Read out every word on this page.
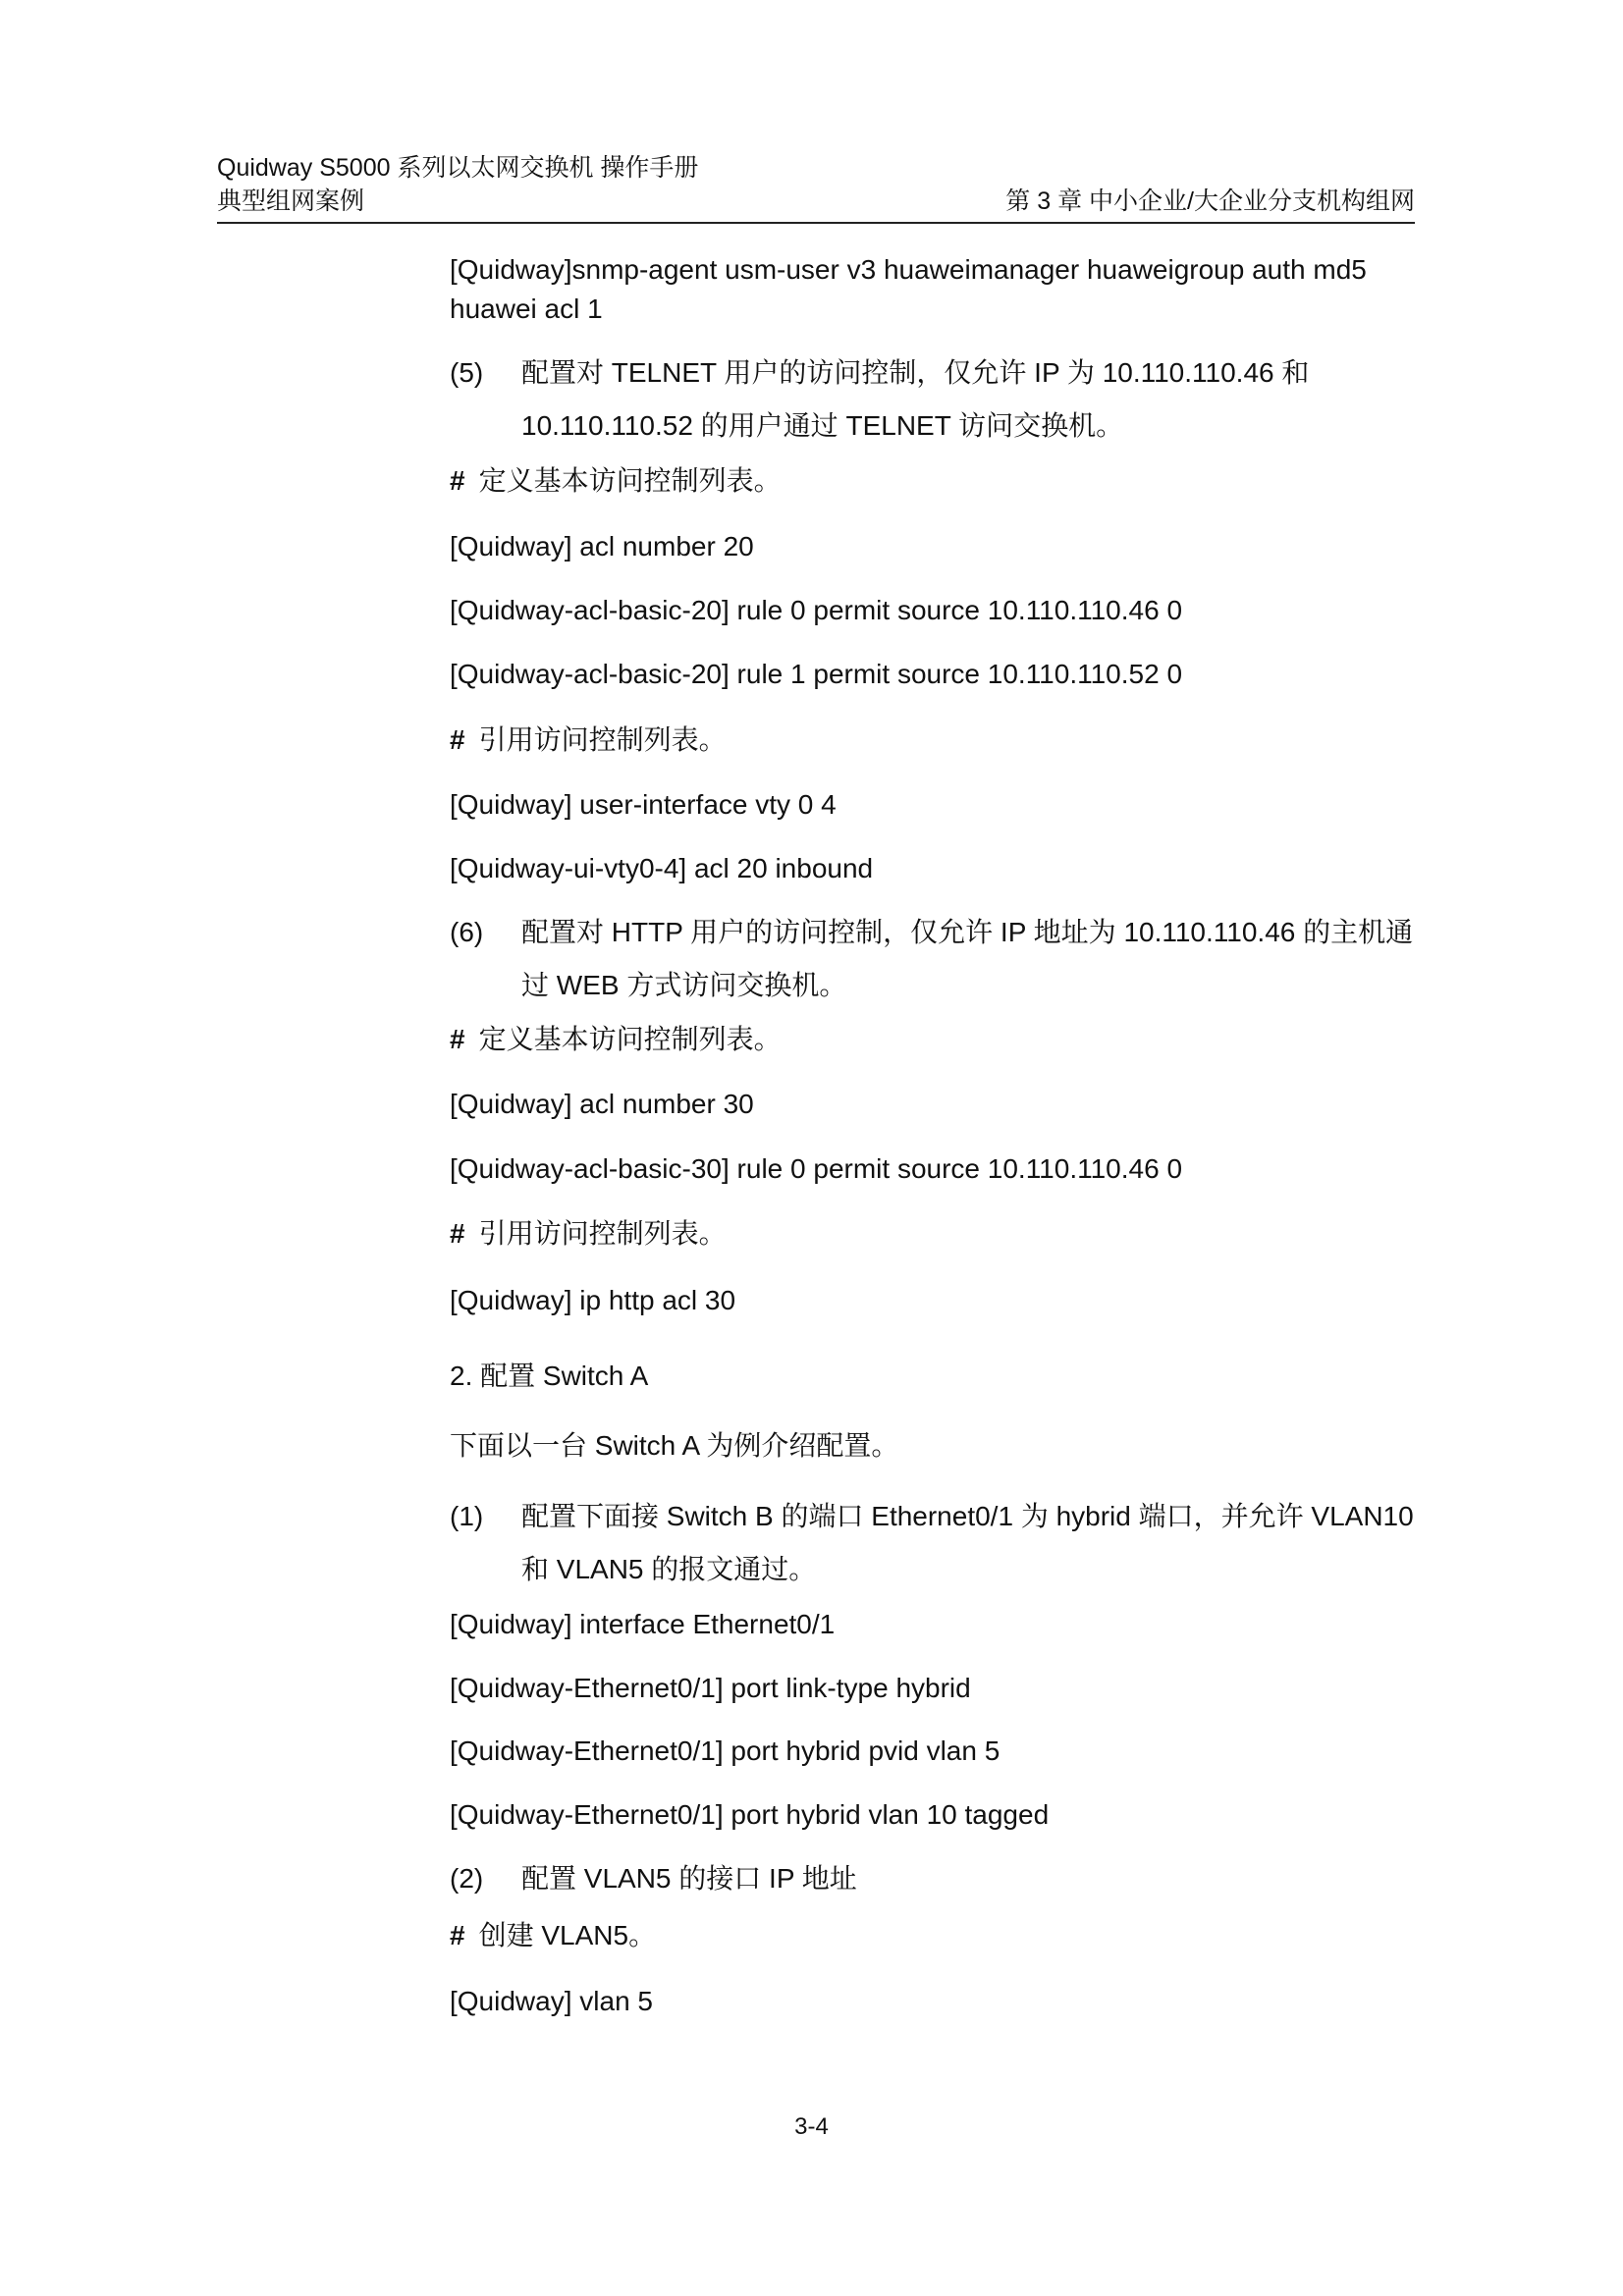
Quidway S5000 系列以太网交换机 操作手册
典型组网案例	第 3 章 中小企业/大企业分支机构组网
[Quidway]snmp-agent usm-user v3 huaweimanager huaweigroup auth md5 huawei acl 1
(5)	配置对 TELNET 用户的访问控制，仅允许 IP 为 10.110.110.46 和 10.110.110.52 的用户通过 TELNET 访问交换机。
# 定义基本访问控制列表。
[Quidway] acl number 20
[Quidway-acl-basic-20] rule 0 permit source 10.110.110.46 0
[Quidway-acl-basic-20] rule 1 permit source 10.110.110.52 0
# 引用访问控制列表。
[Quidway] user-interface vty 0 4
[Quidway-ui-vty0-4] acl 20 inbound
(6)	配置对 HTTP 用户的访问控制，仅允许 IP 地址为 10.110.110.46 的主机通过 WEB 方式访问交换机。
# 定义基本访问控制列表。
[Quidway] acl number 30
[Quidway-acl-basic-30] rule 0 permit source 10.110.110.46 0
# 引用访问控制列表。
[Quidway] ip http acl 30
2. 配置 Switch A
下面以一台 Switch A 为例介绍配置。
(1)	配置下面接 Switch B 的端口 Ethernet0/1 为 hybrid 端口，并允许 VLAN10 和 VLAN5 的报文通过。
[Quidway] interface Ethernet0/1
[Quidway-Ethernet0/1] port link-type hybrid
[Quidway-Ethernet0/1] port hybrid pvid vlan 5
[Quidway-Ethernet0/1] port hybrid vlan 10 tagged
(2)	配置 VLAN5 的接口 IP 地址
# 创建 VLAN5。
[Quidway] vlan 5
3-4
